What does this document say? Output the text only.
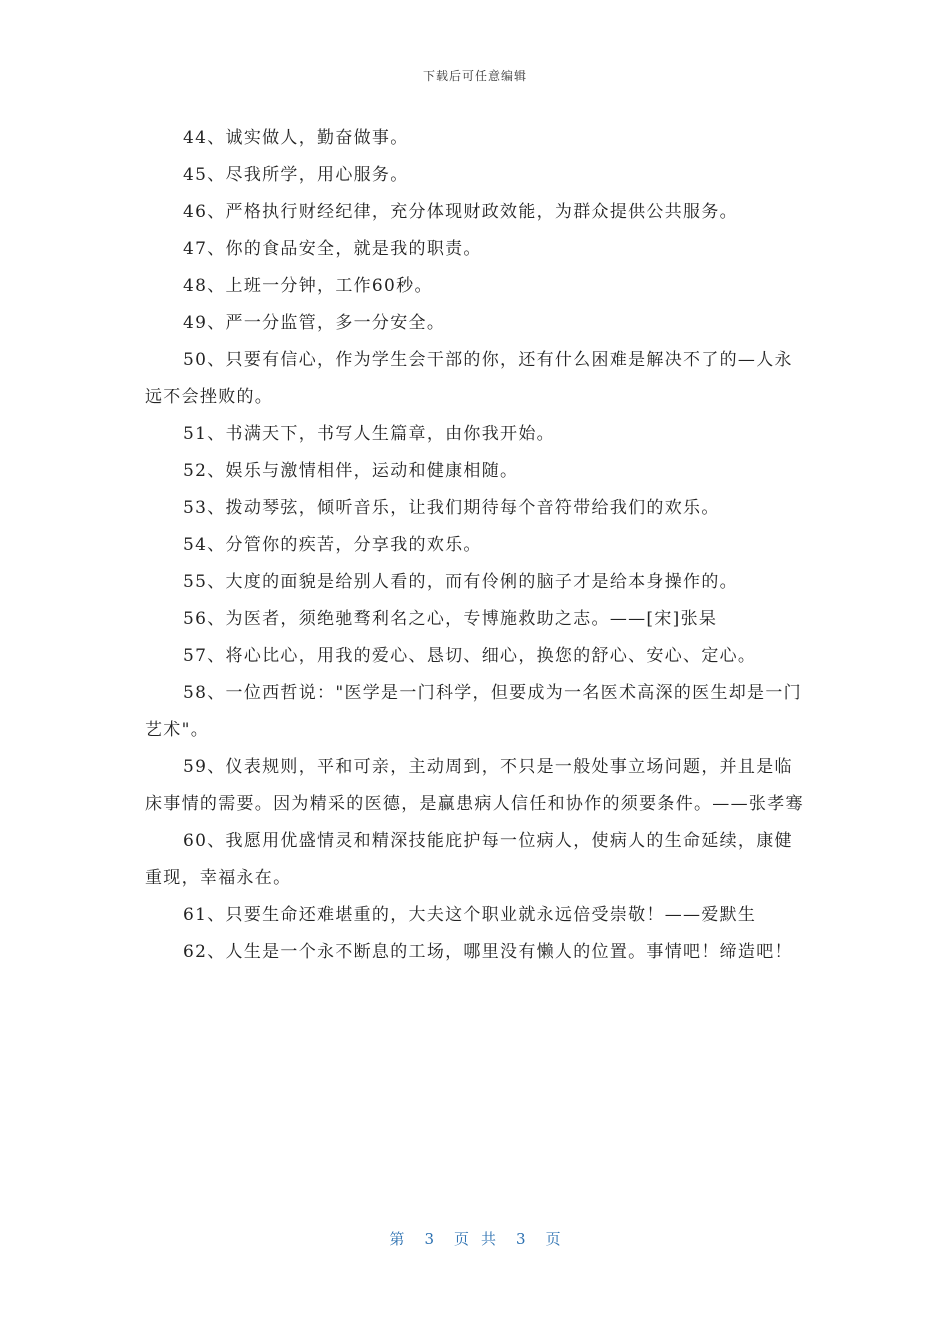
下载后可任意编辑

44、诚实做人，勤奋做事。

45、尽我所学，用心服务。

46、严格执行财经纪律，充分体现财政效能，为群众提供公共服务。

47、你的食品安全，就是我的职责。

48、上班一分钟，工作60秒。

49、严一分监管，多一分安全。

50、只要有信心，作为学生会干部的你，还有什么困难是解决不了的—人永远不会挫败的。

51、书满天下，书写人生篇章，由你我开始。

52、娱乐与激情相伴，运动和健康相随。

53、拨动琴弦，倾听音乐，让我们期待每个音符带给我们的欢乐。

54、分管你的疾苦，分享我的欢乐。

55、大度的面貌是给别人看的，而有伶俐的脑子才是给本身操作的。

56、为医者，须绝驰骛利名之心，专博施救助之志。——[宋]张杲

57、将心比心，用我的爱心、恳切、细心，换您的舒心、安心、定心。

58、一位西哲说："医学是一门科学，但要成为一名医术高深的医生却是一门艺术"。

59、仪表规则，平和可亲，主动周到，不只是一般处事立场问题，并且是临床事情的需要。因为精采的医德，是赢患病人信任和协作的须要条件。——张孝骞

60、我愿用优盛情灵和精深技能庇护每一位病人，使病人的生命延续，康健重现，幸福永在。

61、只要生命还难堪重的，大夫这个职业就永远倍受崇敬！——爱默生

62、人生是一个永不断息的工场，哪里没有懒人的位置。事情吧！缔造吧！

第 3 页 共 3 页
